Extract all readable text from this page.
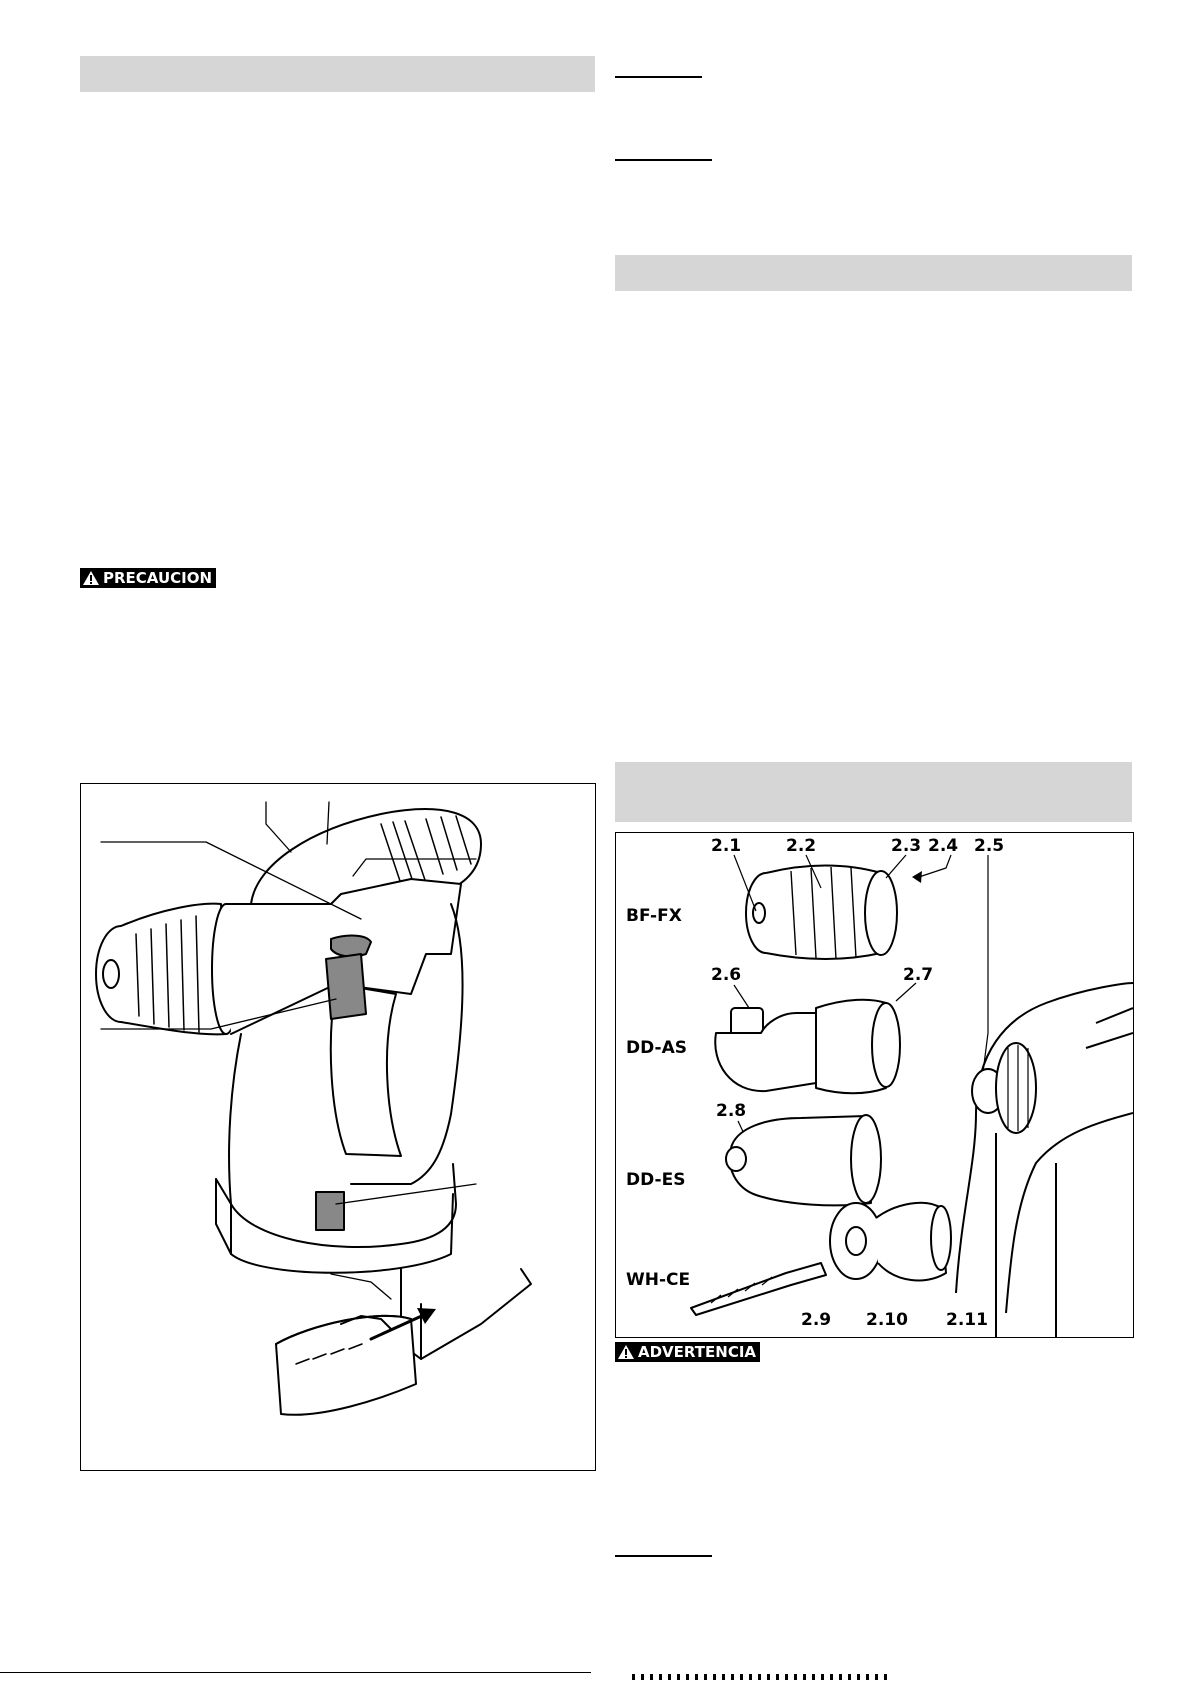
PRECAUCION
2.1	2.2	2.3 2.4 2.5
2.6	2.7
2.8
2.9 2.10 2.11
BF-FX
DD-AS
DD-ES
WH-CE
ADVERTENCIA
